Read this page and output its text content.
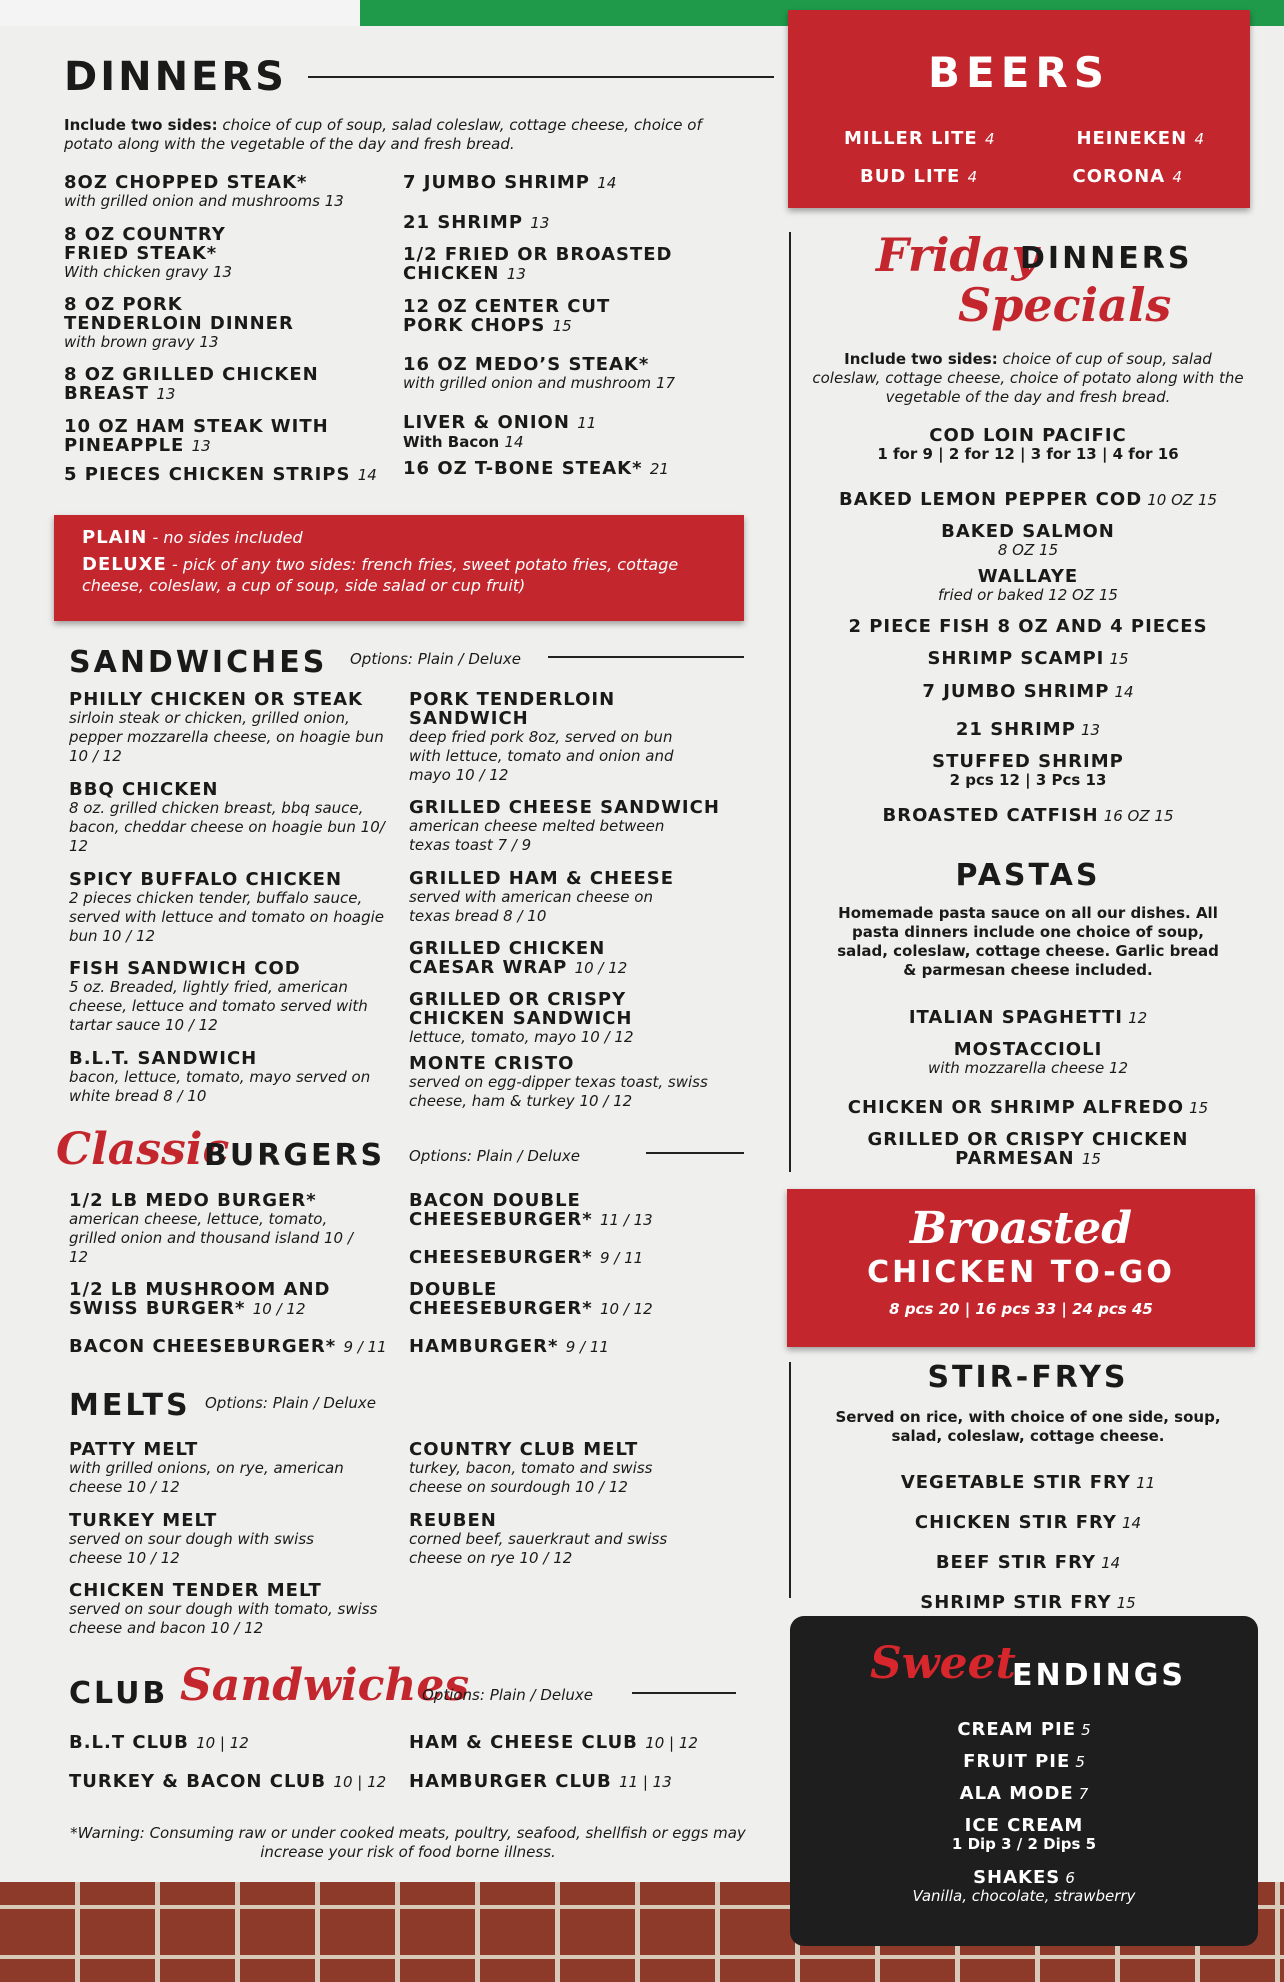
DINNERS
Include two sides: choice of cup of soup, salad coleslaw, cottage cheese, choice of potato along with the vegetable of the day and fresh bread.
8OZ CHOPPED STEAK*
with grilled onion and mushrooms 13
8 OZ COUNTRY FRIED STEAK*
With chicken gravy 13
8 OZ PORK TENDERLOIN DINNER
with brown gravy 13
8 OZ GRILLED CHICKEN BREAST 13
10 OZ HAM STEAK WITH PINEAPPLE 13
5 PIECES CHICKEN STRIPS 14
7 JUMBO SHRIMP 14
21 SHRIMP 13
1/2 FRIED OR BROASTED CHICKEN 13
12 OZ CENTER CUT PORK CHOPS 15
16 OZ MEDO’S STEAK*
with grilled onion and mushroom 17
LIVER & ONION 11
With Bacon 14
16 OZ T-BONE STEAK* 21
PLAIN - no sides included
DELUXE - pick of any two sides: french fries, sweet potato fries, cottage cheese, coleslaw, a cup of soup, side salad or cup fruit)
SANDWICHES Options: Plain / Deluxe
PHILLY CHICKEN OR STEAK
sirloin steak or chicken, grilled onion, pepper mozzarella cheese, on hoagie bun 10 / 12
BBQ CHICKEN
8 oz. grilled chicken breast, bbq sauce, bacon, cheddar cheese on hoagie bun 10/ 12
SPICY BUFFALO CHICKEN
2 pieces chicken tender, buffalo sauce, served with lettuce and tomato on hoagie bun 10 / 12
FISH SANDWICH COD
5 oz. Breaded, lightly fried, american cheese, lettuce and tomato served with tartar sauce 10 / 12
B.L.T. SANDWICH
bacon, lettuce, tomato, mayo served on white bread 8 / 10
PORK TENDERLOIN SANDWICH
deep fried pork 8oz, served on bun with lettuce, tomato and onion and mayo 10 / 12
GRILLED CHEESE SANDWICH
american cheese melted between texas toast 7 / 9
GRILLED HAM & CHEESE
served with american cheese on texas bread 8 / 10
GRILLED CHICKEN CAESAR WRAP 10 / 12
GRILLED OR CRISPY CHICKEN SANDWICH
lettuce, tomato, mayo 10 / 12
MONTE CRISTO
served on egg-dipper texas toast, swiss cheese, ham & turkey 10 / 12
Classic
BURGERS Options: Plain / Deluxe
1/2 LB MEDO BURGER*
american cheese, lettuce, tomato, grilled onion and thousand island 10 / 12
1/2 LB MUSHROOM AND SWISS BURGER* 10 / 12
BACON CHEESEBURGER* 9 / 11
BACON DOUBLE CHEESEBURGER* 11 / 13
CHEESEBURGER* 9 / 11
DOUBLE CHEESEBURGER* 10 / 12
HAMBURGER* 9 / 11
MELTS Options: Plain / Deluxe
PATTY MELT
with grilled onions, on rye, american cheese 10 / 12
TURKEY MELT
served on sour dough with swiss cheese 10 / 12
CHICKEN TENDER MELT
served on sour dough with tomato, swiss cheese and bacon 10 / 12
COUNTRY CLUB MELT
turkey, bacon, tomato and swiss cheese on sourdough 10 / 12
REUBEN
corned beef, sauerkraut and swiss cheese on rye 10 / 12
CLUB Sandwiches
Options: Plain / Deluxe
B.L.T CLUB 10 | 12
TURKEY & BACON CLUB 10 | 12
HAM & CHEESE CLUB 10 | 12
HAMBURGER CLUB 11 | 13
*Warning: Consuming raw or under cooked meats, poultry, seafood, shellfish or eggs may increase your risk of food borne illness.
BEERS
MILLER LITE 4	HEINEKEN 4
BUD LITE 4	CORONA 4
Friday
DINNERS
Specials
Include two sides: choice of cup of soup, salad coleslaw, cottage cheese, choice of potato along with the vegetable of the day and fresh bread.
COD LOIN PACIFIC
1 for 9 | 2 for 12 | 3 for 13 | 4 for 16
BAKED LEMON PEPPER COD 10 OZ 15
BAKED SALMON
8 OZ 15
WALLAYE
fried or baked 12 OZ 15
2 PIECE FISH 8 OZ AND 4 PIECES
SHRIMP SCAMPI 15
7 JUMBO SHRIMP 14
21 SHRIMP 13
STUFFED SHRIMP
2 pcs 12 | 3 Pcs 13
BROASTED CATFISH 16 OZ 15
PASTAS
Homemade pasta sauce on all our dishes. All pasta dinners include one choice of soup, salad, coleslaw, cottage cheese. Garlic bread & parmesan cheese included.
ITALIAN SPAGHETTI 12
MOSTACCIOLI
with mozzarella cheese 12
CHICKEN OR SHRIMP ALFREDO 15
GRILLED OR CRISPY CHICKEN PARMESAN 15
Broasted
CHICKEN TO-GO
8 pcs 20 | 16 pcs 33 | 24 pcs 45
STIR-FRYS
Served on rice, with choice of one side, soup, salad, coleslaw, cottage cheese.
VEGETABLE STIR FRY 11
CHICKEN STIR FRY 14
BEEF STIR FRY 14
SHRIMP STIR FRY 15
Sweet
ENDINGS
CREAM PIE 5
FRUIT PIE 5
ALA MODE 7
ICE CREAM
1 Dip 3 / 2 Dips 5
SHAKES 6
Vanilla, chocolate, strawberry
